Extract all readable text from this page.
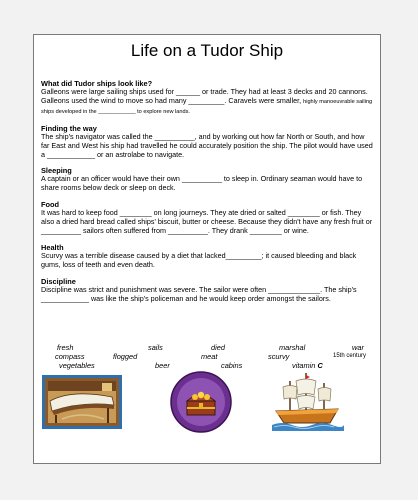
Life on a Tudor Ship
What did Tudor ships look like?

Galleons were large sailing ships used for ______ or trade. They had at least 3 decks and 20 cannons. Galleons used the wind to move so had many _________. Caravels were smaller, highly manoeuvrable sailing ships developed in the ____________ to explore new lands.

Finding the way

The ship's navigator was called the __________, and by working out how far North or South, and how far East and West his ship had travelled he could accurately position the ship. The pilot would have used a ____________ or an astrolabe to navigate.

Sleeping

A captain or an officer would have their own __________ to sleep in. Ordinary seaman would have to share rooms below deck or sleep on deck.

Food

It was hard to keep food ________ on long journeys. They ate dried or salted ________ or fish. They also a dried hard bread called ships' biscuit, butter or cheese. Because they didn't have any fresh fruit or __________ sailors often suffered from __________. They drank ________ or wine.

Health

Scurvy was a terrible disease caused by a diet that lacked_________; it caused bleeding and black gums, loss of teeth and even death.

Discipline

Discipline was strict and punishment was severe. The sailor were often _____________. The ship's ____________ was like the ship's policeman and he would keep order amongst the sailors.

fresh	sails	died	marshal	war
compass	flogged	meat	scurvy	15th century
vegetables	beer	cabins	vitamin C
